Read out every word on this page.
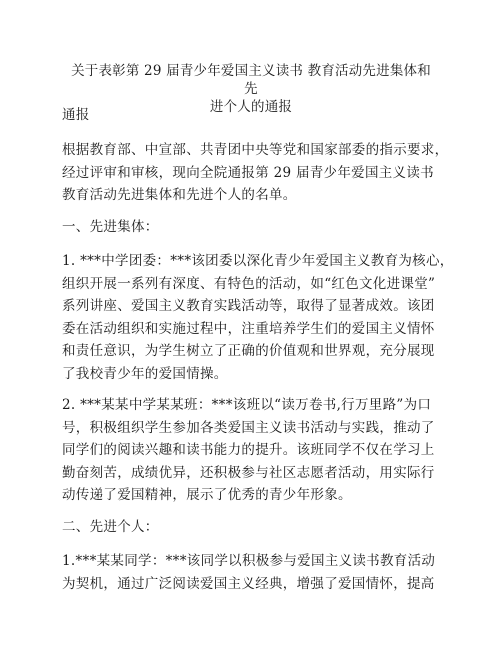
关于表彰第 29 届青少年爱国主义读书 教育活动先进集体和先
进个人的通报
通报
根据教育部、中宣部、共青团中央等党和国家部委的指示要求，
经过评审和审核，现向全院通报第 29 届青少年爱国主义读书
教育活动先进集体和先进个人的名单。
一、先进集体：
1. ***中学团委：***该团委以深化青少年爱国主义教育为核心，
组织开展一系列有深度、有特色的活动，如“红色文化进课堂”
系列讲座、爱国主义教育实践活动等，取得了显著成效。该团
委在活动组织和实施过程中，注重培养学生们的爱国主义情怀
和责任意识，为学生树立了正确的价值观和世界观，充分展现
了我校青少年的爱国情操。
2. ***某某中学某某班：***该班以“读万卷书,行万里路”为口
号，积极组织学生参加各类爱国主义读书活动与实践，推动了
同学们的阅读兴趣和读书能力的提升。该班同学不仅在学习上
勤奋刻苦，成绩优异，还积极参与社区志愿者活动，用实际行
动传递了爱国精神，展示了优秀的青少年形象。
二、先进个人：
1.***某某同学：***该同学以积极参与爱国主义读书教育活动
为契机，通过广泛阅读爱国主义经典，增强了爱国情怀，提高
